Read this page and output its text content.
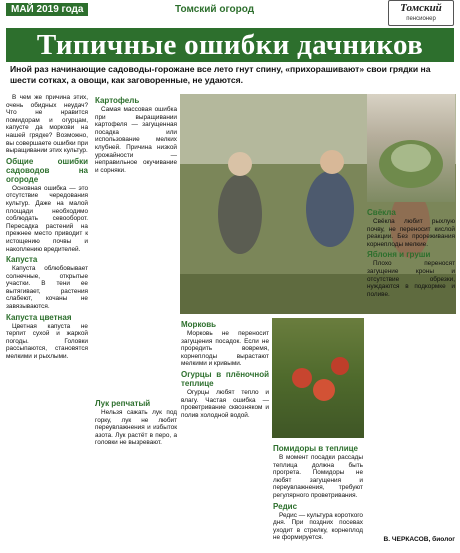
МАЙ 2019 года	Томский огород	Томский
пенсионер
Типичные ошибки дачников
Иной раз начинающие садоводы-горожане все лето гнут спину, «прихорашивают» свои грядки на шести сотках, а овощи, как заговоренные, не удаются.

В чем же причина этих, очень обидных неудач? Что не нравится помидорам и огурцам, капусте да моркови на нашей грядке? Возможно, вы совершаете ошибки при выращивании этих культур.

Общие ошибки садоводов на огороде

Основная ошибка — это отсутствие чередования культур. Даже на малой площади необходимо соблюдать севооборот. Пересадка растений на прежнее место приводит к истощению почвы и накоплению вредителей.

Капуста

Капуста облюбовывает солнечные, открытые участки. В тени ее вытягивает, растения слабеют, кочаны не завязываются.

Капуста цветная

Цветная капуста не терпит сухой и жаркой погоды. Головки рассыпаются, становятся мелкими и рыхлыми.

Картофель

Самая массовая ошибка при выращивании картофеля — загущенная посадка или использование мелких клубней. Причина низкой урожайности — неправильное окучивание и сорняки.

Лук репчатый

Нельзя сажать лук под горку, лук не любит переувлажнения и избыток азота. Лук растёт в перо, а головки не вызревают.

Морковь

Морковь не переносит загущения посадок. Если не проредить вовремя, корнеплоды вырастают мелкими и кривыми.

Огурцы в плёночной теплице

Огурцы любят тепло и влагу. Частая ошибка — проветривание сквозняком и полив холодной водой.

Помидоры в теплице

В момент посадки рассады теплица должна быть прогрета. Помидоры не любят загущения и переувлажнения, требуют регулярного проветривания.

Редис

Редис — культура короткого дня. При поздних посевах уходит в стрелку, корнеплод не формируется.

Свёкла

Свёкла любит рыхлую почву, не переносит кислой реакции. Без прореживания корнеплоды мелкие.

Яблоня и груши

Плохо переносят загущение кроны и отсутствие обрезки, нуждаются в подкормке и поливе.

В. ЧЕРКАСОВ, биолог
